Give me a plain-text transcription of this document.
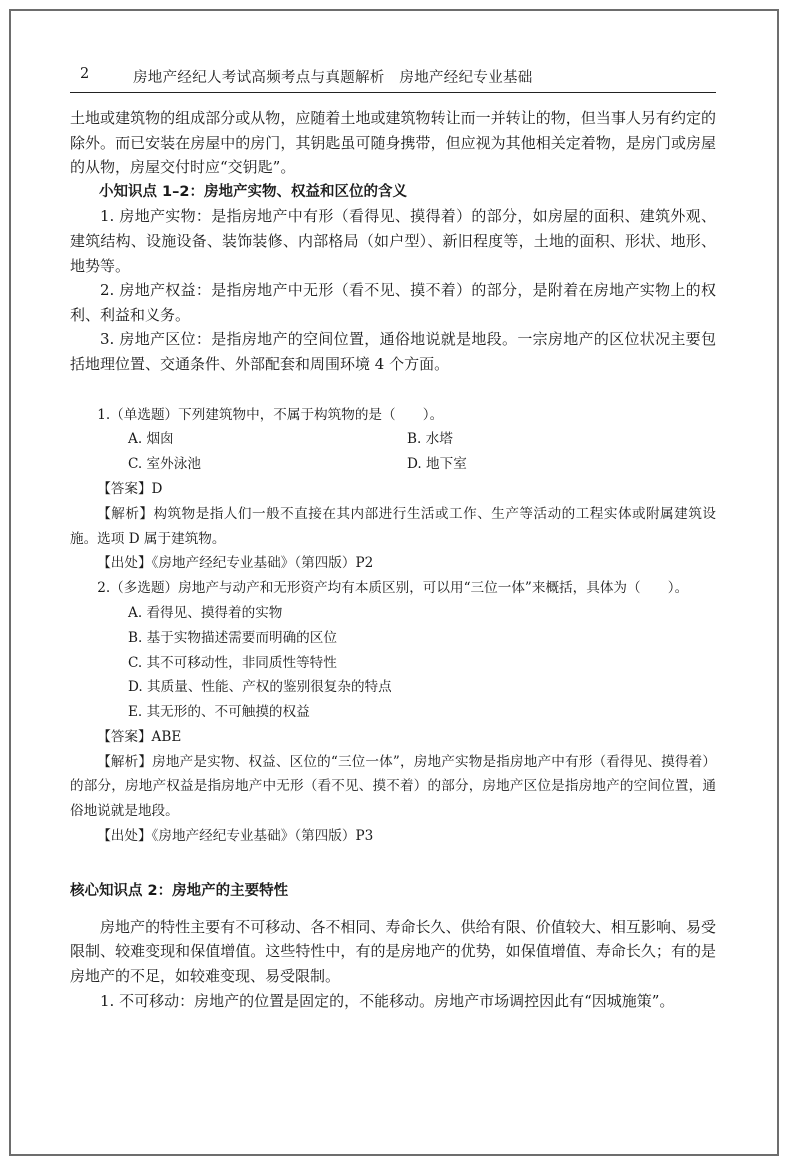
2	房地产经纪人考试高频考点与真题解析　房地产经纪专业基础

土地或建筑物的组成部分或从物，应随着土地或建筑物转让而一并转让的物，但当事人另有约定的除外。而已安装在房屋中的房门，其钥匙虽可随身携带，但应视为其他相关定着物，是房门或房屋的从物，房屋交付时应“交钥匙”。

小知识点 1–2：房地产实物、权益和区位的含义

1. 房地产实物：是指房地产中有形（看得见、摸得着）的部分，如房屋的面积、建筑外观、建筑结构、设施设备、装饰装修、内部格局（如户型）、新旧程度等，土地的面积、形状、地形、地势等。

2. 房地产权益：是指房地产中无形（看不见、摸不着）的部分，是附着在房地产实物上的权利、利益和义务。

3. 房地产区位：是指房地产的空间位置，通俗地说就是地段。一宗房地产的区位状况主要包括地理位置、交通条件、外部配套和周围环境 4 个方面。

1.（单选题）下列建筑物中，不属于构筑物的是（　　）。

A. 烟囱	B. 水塔
C. 室外泳池	D. 地下室

【答案】D

【解析】构筑物是指人们一般不直接在其内部进行生活或工作、生产等活动的工程实体或附属建筑设施。选项 D 属于建筑物。

【出处】《房地产经纪专业基础》（第四版）P2

2.（多选题）房地产与动产和无形资产均有本质区别，可以用“三位一体”来概括，具体为（　　）。

A. 看得见、摸得着的实物

B. 基于实物描述需要而明确的区位

C. 其不可移动性，非同质性等特性

D. 其质量、性能、产权的鉴别很复杂的特点

E. 其无形的、不可触摸的权益

【答案】ABE

【解析】房地产是实物、权益、区位的“三位一体”，房地产实物是指房地产中有形（看得见、摸得着）的部分，房地产权益是指房地产中无形（看不见、摸不着）的部分，房地产区位是指房地产的空间位置，通俗地说就是地段。

【出处】《房地产经纪专业基础》（第四版）P3

核心知识点 2：房地产的主要特性

房地产的特性主要有不可移动、各不相同、寿命长久、供给有限、价值较大、相互影响、易受限制、较难变现和保值增值。这些特性中，有的是房地产的优势，如保值增值、寿命长久；有的是房地产的不足，如较难变现、易受限制。

1. 不可移动：房地产的位置是固定的，不能移动。房地产市场调控因此有“因城施策”。
